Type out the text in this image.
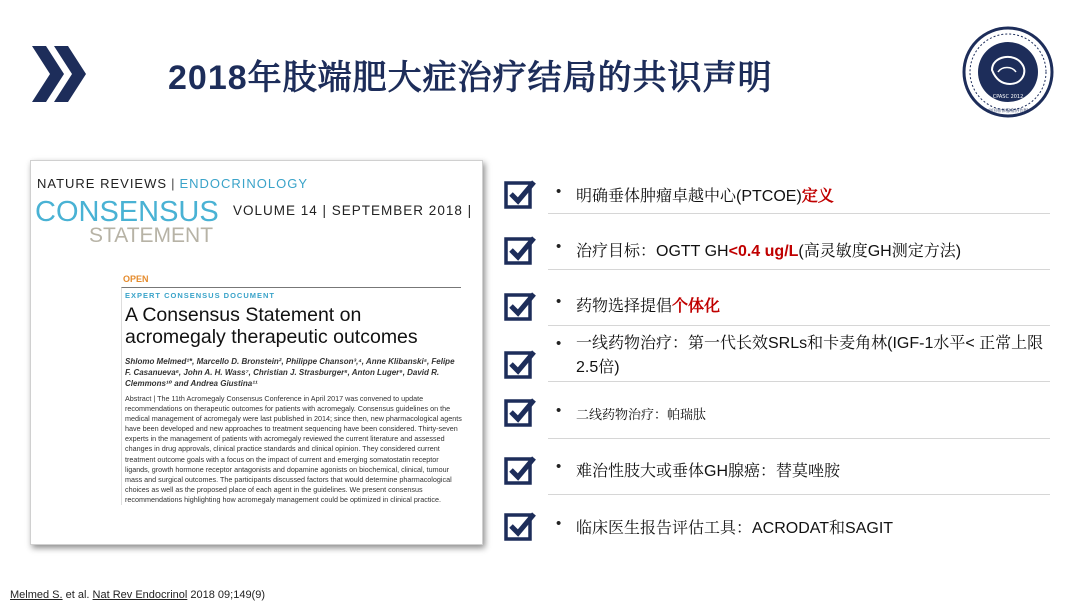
2018年肢端肥大症治疗结局的共识声明	CPASC 2012
中国垂体腺瘤协作组
NATURE REVIEWS | ENDOCRINOLOGY
CONSENSUS
STATEMENT
VOLUME 14 | SEPTEMBER 2018 |
OPEN
EXPERT CONSENSUS DOCUMENT
A Consensus Statement on acromegaly therapeutic outcomes
Shlomo Melmed¹*, Marcello D. Bronstein², Philippe Chanson³,⁴, Anne Klibanski⁵, Felipe F. Casanueva⁶, John A. H. Wass⁷, Christian J. Strasburger⁸, Anton Luger⁹, David R. Clemmons¹⁰ and Andrea Giustina¹¹
Abstract | The 11th Acromegaly Consensus Conference in April 2017 was convened to update recommendations on therapeutic outcomes for patients with acromegaly. Consensus guidelines on the medical management of acromegaly were last published in 2014; since then, new pharmacological agents have been developed and new approaches to treatment sequencing have been considered. Thirty-seven experts in the management of patients with acromegaly reviewed the current literature and assessed changes in drug approvals, clinical practice standards and clinical opinion. They considered current treatment outcome goals with a focus on the impact of current and emerging somatostatin receptor ligands, growth hormone receptor antagonists and dopamine agonists on biochemical, clinical, tumour mass and surgical outcomes. The participants discussed factors that would determine pharmacological choices as well as the proposed place of each agent in the guidelines. We present consensus recommendations highlighting how acromegaly management could be optimized in clinical practice.
• 明确垂体肿瘤卓越中心(PTCOE)定义
• 治疗目标：OGTT GH<0.4 ug/L(高灵敏度GH测定方法)
• 药物选择提倡个体化
• 一线药物治疗：第一代长效SRLs和卡麦角林(IGF-1水平< 正常上限2.5倍)
• 二线药物治疗：帕瑞肽
• 难治性肢大或垂体GH腺癌：替莫唑胺
• 临床医生报告评估工具：ACRODAT和SAGIT
Melmed S. et al. Nat Rev Endocrinol 2018 09;149(9)
